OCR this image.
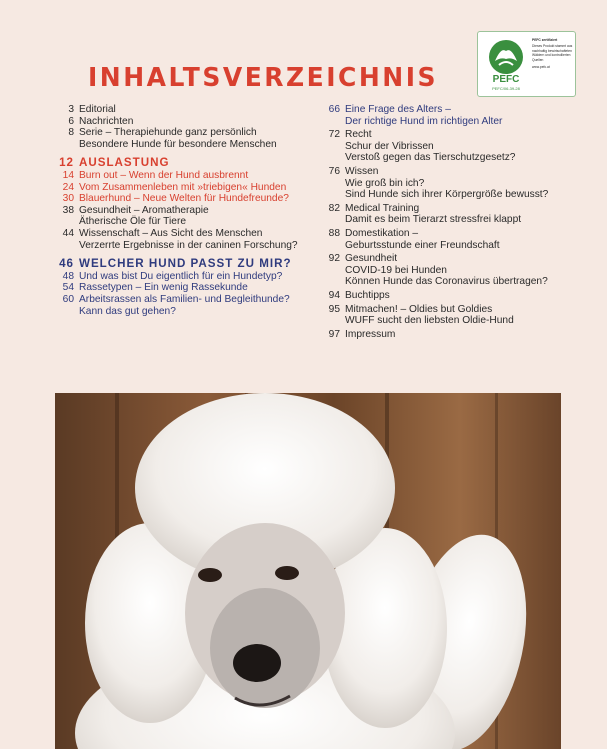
INHALTSVERZEICHNIS	PEFC
PEFC/06-39-28
PEFC zertifiziert
Dieses Produkt stammt aus nachhaltig bewirtschafteten Wäldern und kontrollierten Quellen
www.pefc.at
3 Editorial
6 Nachrichten
8 Serie – Therapiehunde ganz persönlich
Besondere Hunde für besondere Menschen
12 AUSLASTUNG
14 Burn out – Wenn der Hund ausbrennt
24 Vom Zusammenleben mit »triebigen« Hunden
30 Blauerhund – Neue Welten für Hundefreunde?
38 Gesundheit – Aromatherapie
Ätherische Öle für Tiere
44 Wissenschaft – Aus Sicht des Menschen
Verzerrte Ergebnisse in der caninen Forschung?
46 WELCHER HUND PASST ZU MIR?
48 Und was bist Du eigentlich für ein Hundetyp?
54 Rassetypen – Ein wenig Rassekunde
60 Arbeitsrassen als Familien- und Begleithunde?
Kann das gut gehen?
66 Eine Frage des Alters –
Der richtige Hund im richtigen Alter
72 Recht
Schur der Vibrissen
Verstoß gegen das Tierschutzgesetz?
76 Wissen
Wie groß bin ich?
Sind Hunde sich ihrer Körpergröße bewusst?
82 Medical Training
Damit es beim Tierarzt stressfrei klappt
88 Domestikation –
Geburtsstunde einer Freundschaft
92 Gesundheit
COVID-19 bei Hunden
Können Hunde das Coronavirus übertragen?
94 Buchtipps
95 Mitmachen! – Oldies but Goldies
WUFF sucht den liebsten Oldie-Hund
97 Impressum
